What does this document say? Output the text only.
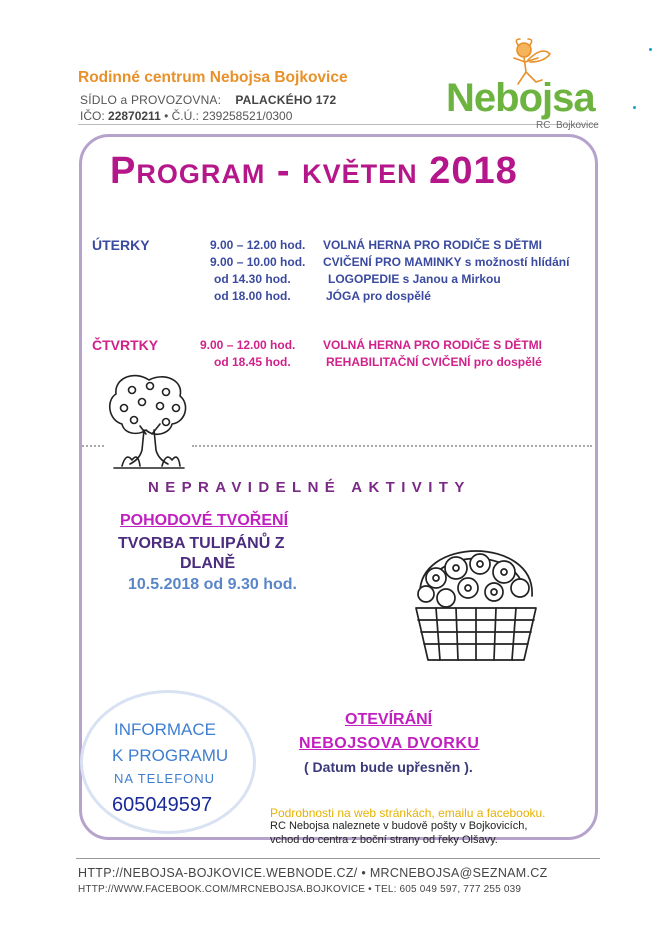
Rodinné centrum Nebojsa Bojkovice
SÍDLO a PROVOZOVNA: PALACKÉHO 172
IČO: 22870211 • Č.Ú.: 239258521/0300	Nebojsa
RC Bojkovice
Program - květen 2018
ÚTERKY	9.00 – 12.00 hod. VOLNÁ HERNA PRO RODIČE S DĚTMI
9.00 – 10.00 hod. CVIČENÍ PRO MAMINKY s možností hlídání
od 14.30 hod.	LOGOPEDIE s Janou a Mirkou
od 18.00 hod.	JÓGA pro dospělé
ČTVRTKY	9.00 – 12.00 hod. VOLNÁ HERNA PRO RODIČE S DĚTMI
od 18.45 hod.	REHABILITAČNÍ CVIČENÍ pro dospělé
NEPRAVIDELNÉ AKTIVITY
POHODOVÉ TVOŘENÍ
TVORBA TULIPÁNŮ Z
DLANĚ
10.5.2018 od 9.30 hod.
INFORMACE
K PROGRAMU
NA TELEFONU
605049597
OTEVÍRÁNÍ
NEBOJSOVA DVORKU
( Datum bude upřesněn ).
Podrobnosti na web stránkách, emailu a facebooku.
RC Nebojsa naleznete v budově pošty v Bojkovicích,
vchod do centra z boční strany od řeky Olšavy.
HTTP://NEBOJSA-BOJKOVICE.WEBNODE.CZ/ • MRCNEBOJSA@SEZNAM.CZ
HTTP://WWW.FACEBOOK.COM/MRCNEBOJSA.BOJKOVICE • TEL: 605 049 597, 777 255 039
